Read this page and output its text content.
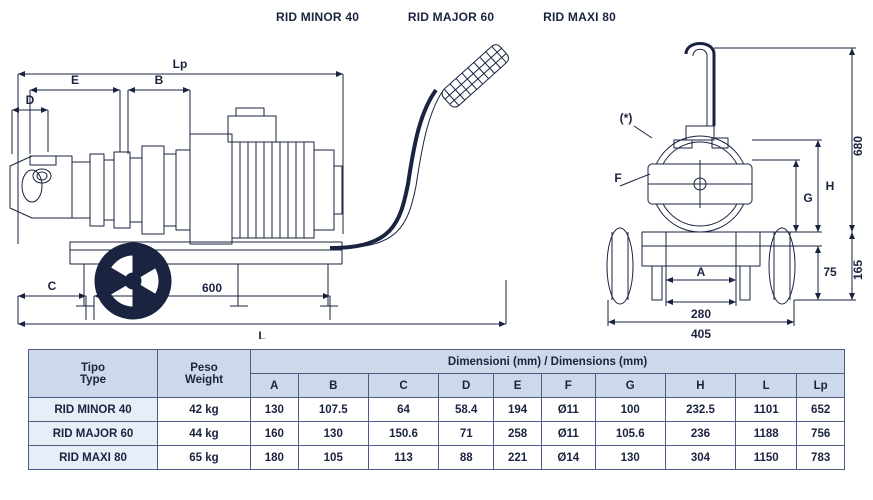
RID MINOR 40	RID MAJOR 60	RID MAXI 80
Lp
E	B
D
C	600
L
(*)
F
H
G
680
165
75
A
280
405
Tipo
Type

Peso
Weight
	Dimensioni (mm) / Dimensions (mm)
		A	B	C	D	E	F	G	H	L	Lp
RID MINOR 40	42 kg	130	107.5	64	58.4	194	Ø11	100	232.5	1101	652
RID MAJOR 60	44 kg	160	130	150.6	71	258	Ø11	105.6	236	1188	756
RID MAXI 80	65 kg	180	105	113	88	221	Ø14	130	304	1150	783
